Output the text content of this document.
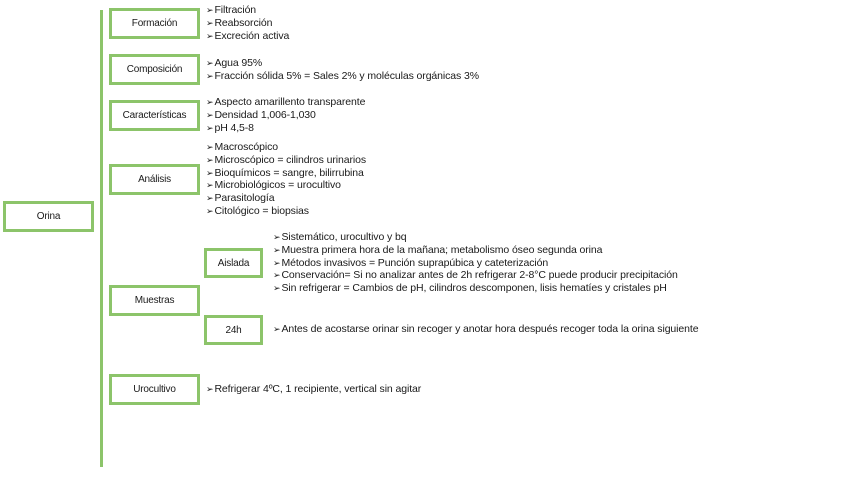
Orina
Formación
➢Filtración
➢Reabsorción
➢Excreción activa
Composición
➢Agua 95%
➢Fracción sólida 5% = Sales 2% y moléculas orgánicas 3%
Características
➢Aspecto amarillento transparente
➢Densidad 1,006-1,030
➢pH 4,5-8
Análisis
➢Macroscópico
➢Microscópico = cilindros urinarios
➢Bioquímicos = sangre, bilirrubina
➢Microbiológicos = urocultivo
➢Parasitología
➢Citológico = biopsias
Muestras
Aislada
➢Sistemático, urocultivo y bq
➢Muestra primera hora de la mañana; metabolismo óseo segunda orina
➢Métodos invasivos = Punción suprapúbica y cateterización
➢Conservación= Si no analizar antes de 2h refrigerar 2-8°C puede producir precipitación
➢Sin refrigerar = Cambios de pH, cilindros descomponen, lisis hematíes y cristales pH
24h	➢Antes de acostarse orinar sin recoger y anotar hora después recoger toda la orina siguiente
Urocultivo	➢Refrigerar 4ºC, 1 recipiente, vertical sin agitar
